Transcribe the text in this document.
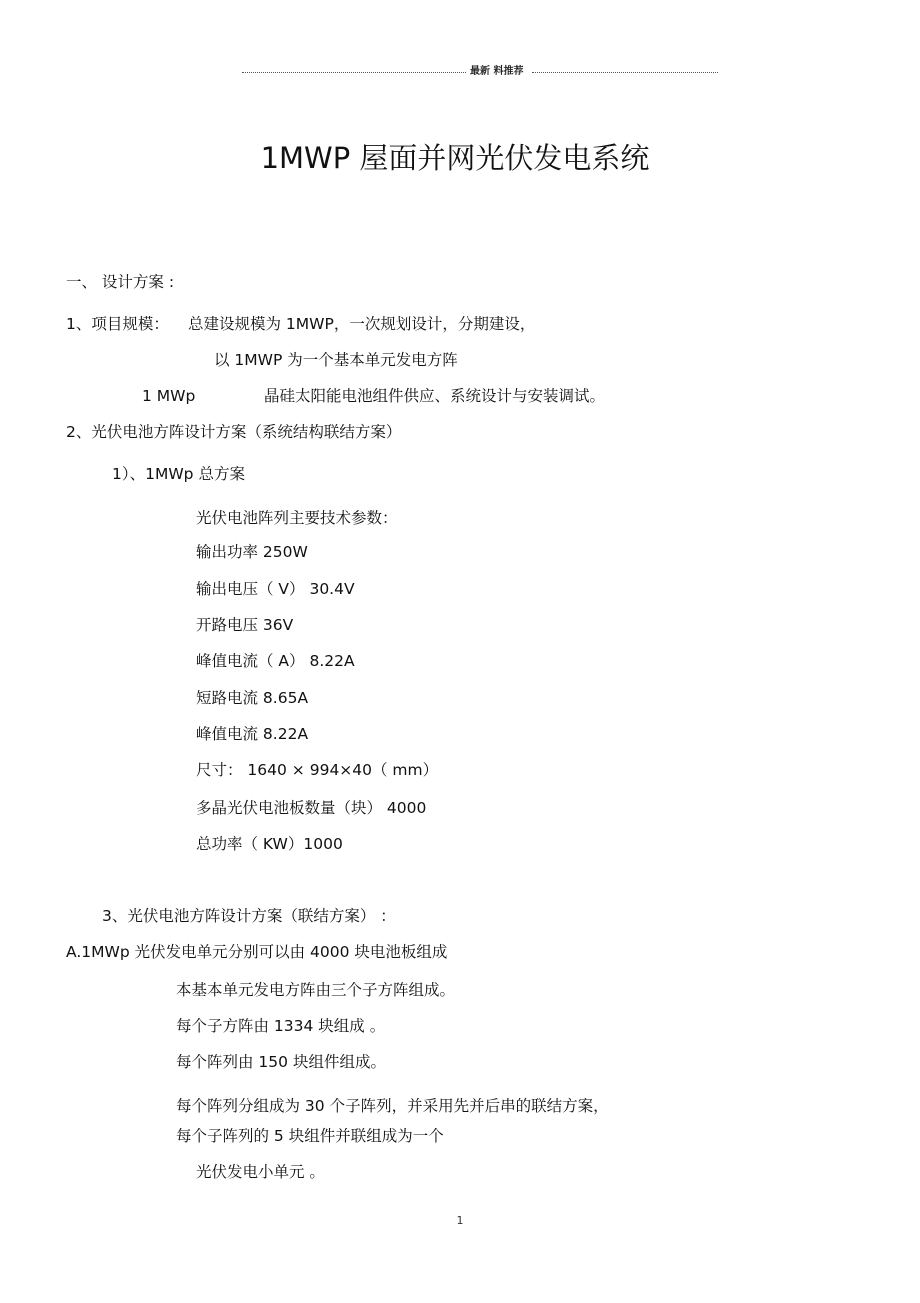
最新 料推荐
1MWP 屋面并网光伏发电系统
一、 设计方案 :
1、项目规模： 总建设规模为 1MWP，一次规划设计，分期建设，
以 1MWP 为一个基本单元发电方阵
1 MWp	晶硅太阳能电池组件供应、系统设计与安装调试。
2、光伏电池方阵设计方案（系统结构联结方案）
1）、1MWp 总方案
光伏电池阵列主要技术参数：
输出功率 250W
输出电压（ V） 30.4V
开路电压 36V
峰值电流（ A） 8.22A
短路电流 8.65A
峰值电流 8.22A
尺寸： 1640 × 994×40（ mm）
多晶光伏电池板数量（块） 4000
总功率（ KW）1000
3、光伏电池方阵设计方案（联结方案） ：
A.1MWp 光伏发电单元分别可以由 4000 块电池板组成
本基本单元发电方阵由三个子方阵组成。
每个子方阵由 1334 块组成 。
每个阵列由 150 块组件组成。
每个阵列分组成为 30 个子阵列，并采用先并后串的联结方案，
每个子阵列的 5 块组件并联组成为一个
光伏发电小单元 。
1
